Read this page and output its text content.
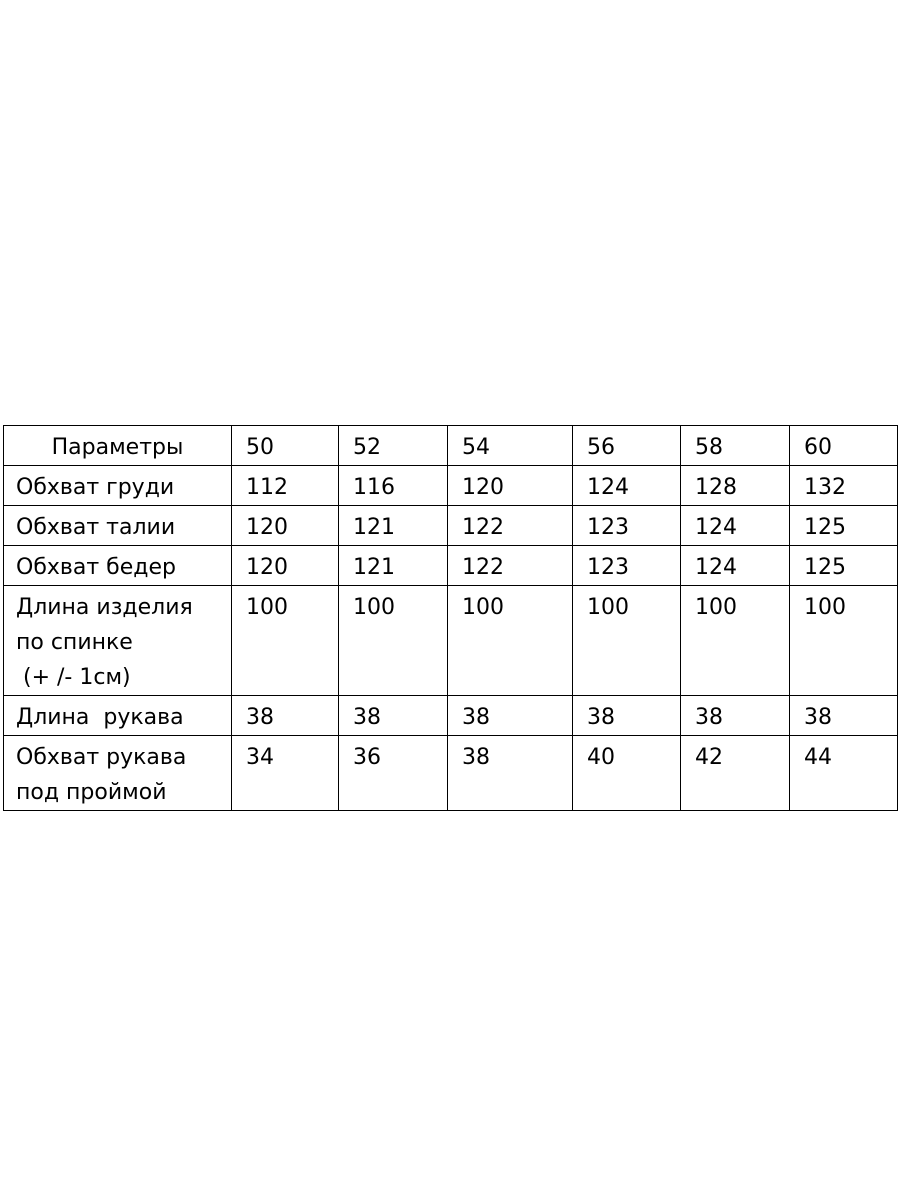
Параметры	50	52	54	56	58	60

Обхват груди	112	116	120	124	128	132

Обхват талии	120	121	122	123	124	125

Обхват бедер	120	121	122	123	124	125

Длина изделия
по спинке
(+ /- 1см)	100	100	100	100	100	100

Длина  рукава	38	38	38	38	38	38

Обхват рукава
под проймой	34	36	38	40	42	44
